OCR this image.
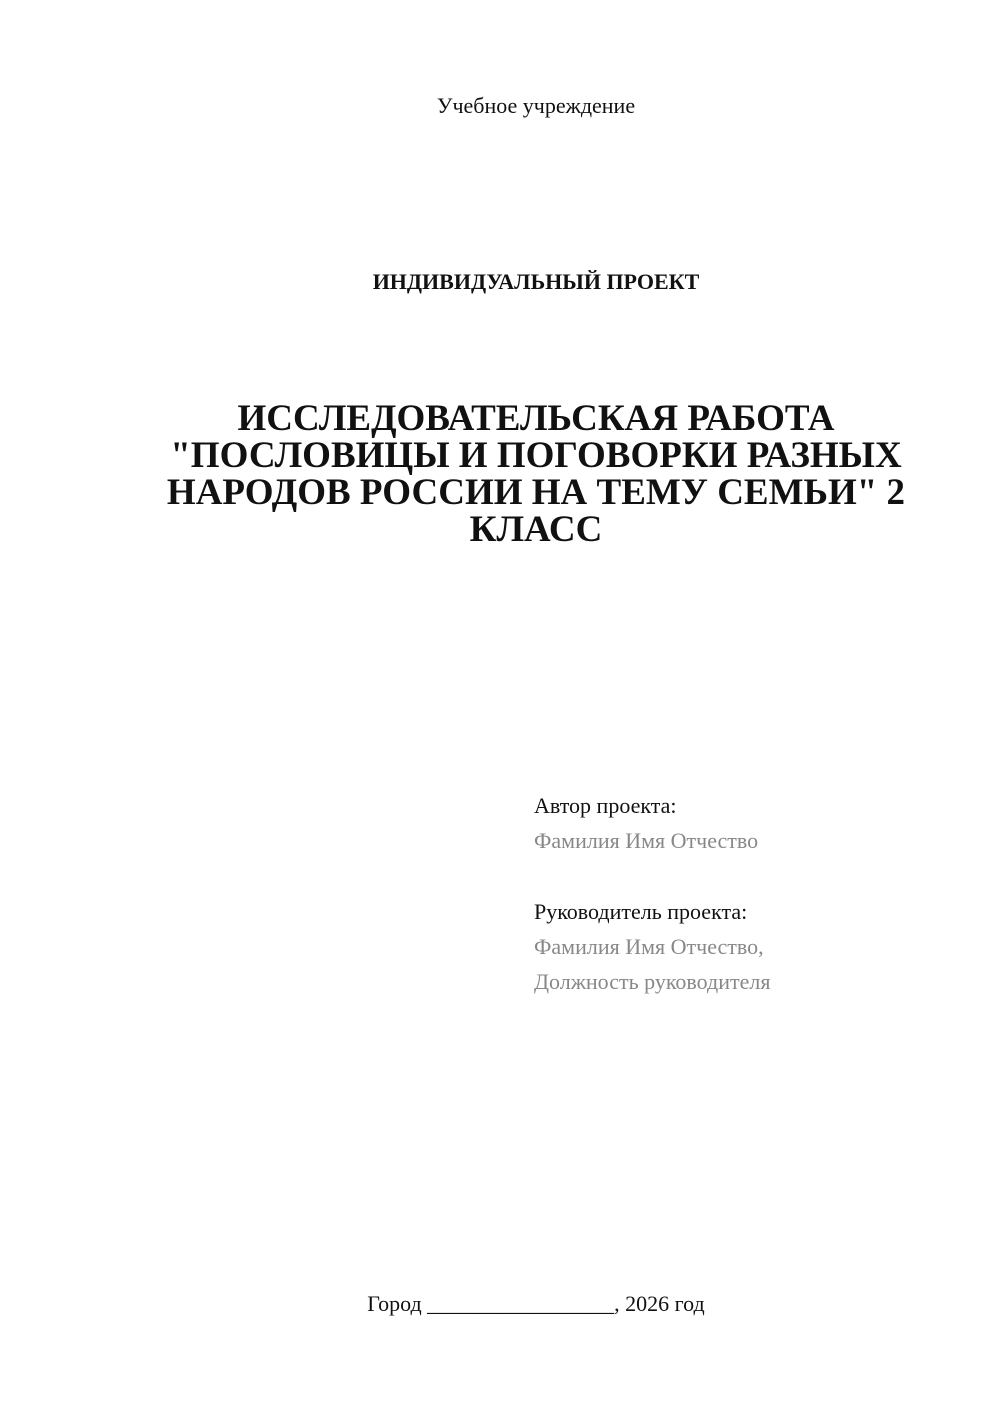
Учебное учреждение
ИНДИВИДУАЛЬНЫЙ ПРОЕКТ
ИССЛЕДОВАТЕЛЬСКАЯ РАБОТА
"ПОСЛОВИЦЫ И ПОГОВОРКИ РАЗНЫХ
НАРОДОВ РОССИИ НА ТЕМУ СЕМЬИ" 2
КЛАСС
Автор проекта:
Фамилия Имя Отчество
Руководитель проекта:
Фамилия Имя Отчество,
Должность руководителя
Город _________________, 2026 год
